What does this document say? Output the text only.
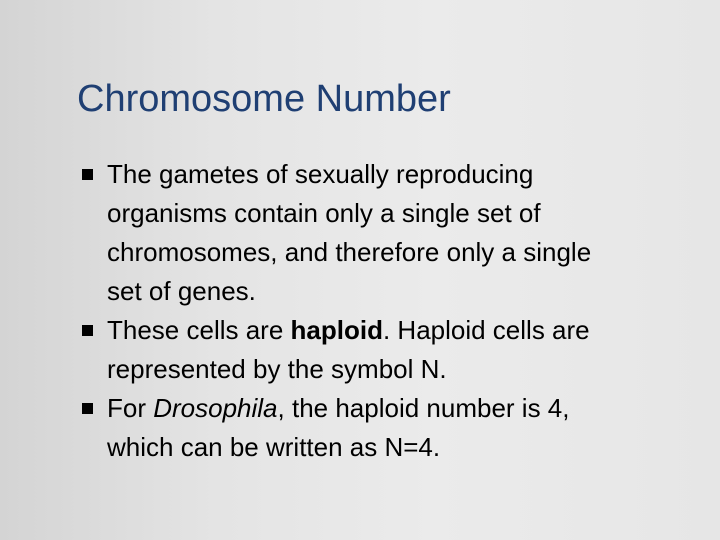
Chromosome Number
The gametes of sexually reproducing
organisms contain only a single set of
chromosomes, and therefore only a single
set of genes.
These cells are haploid. Haploid cells are
represented by the symbol N.
For Drosophila, the haploid number is 4,
which can be written as N=4.
